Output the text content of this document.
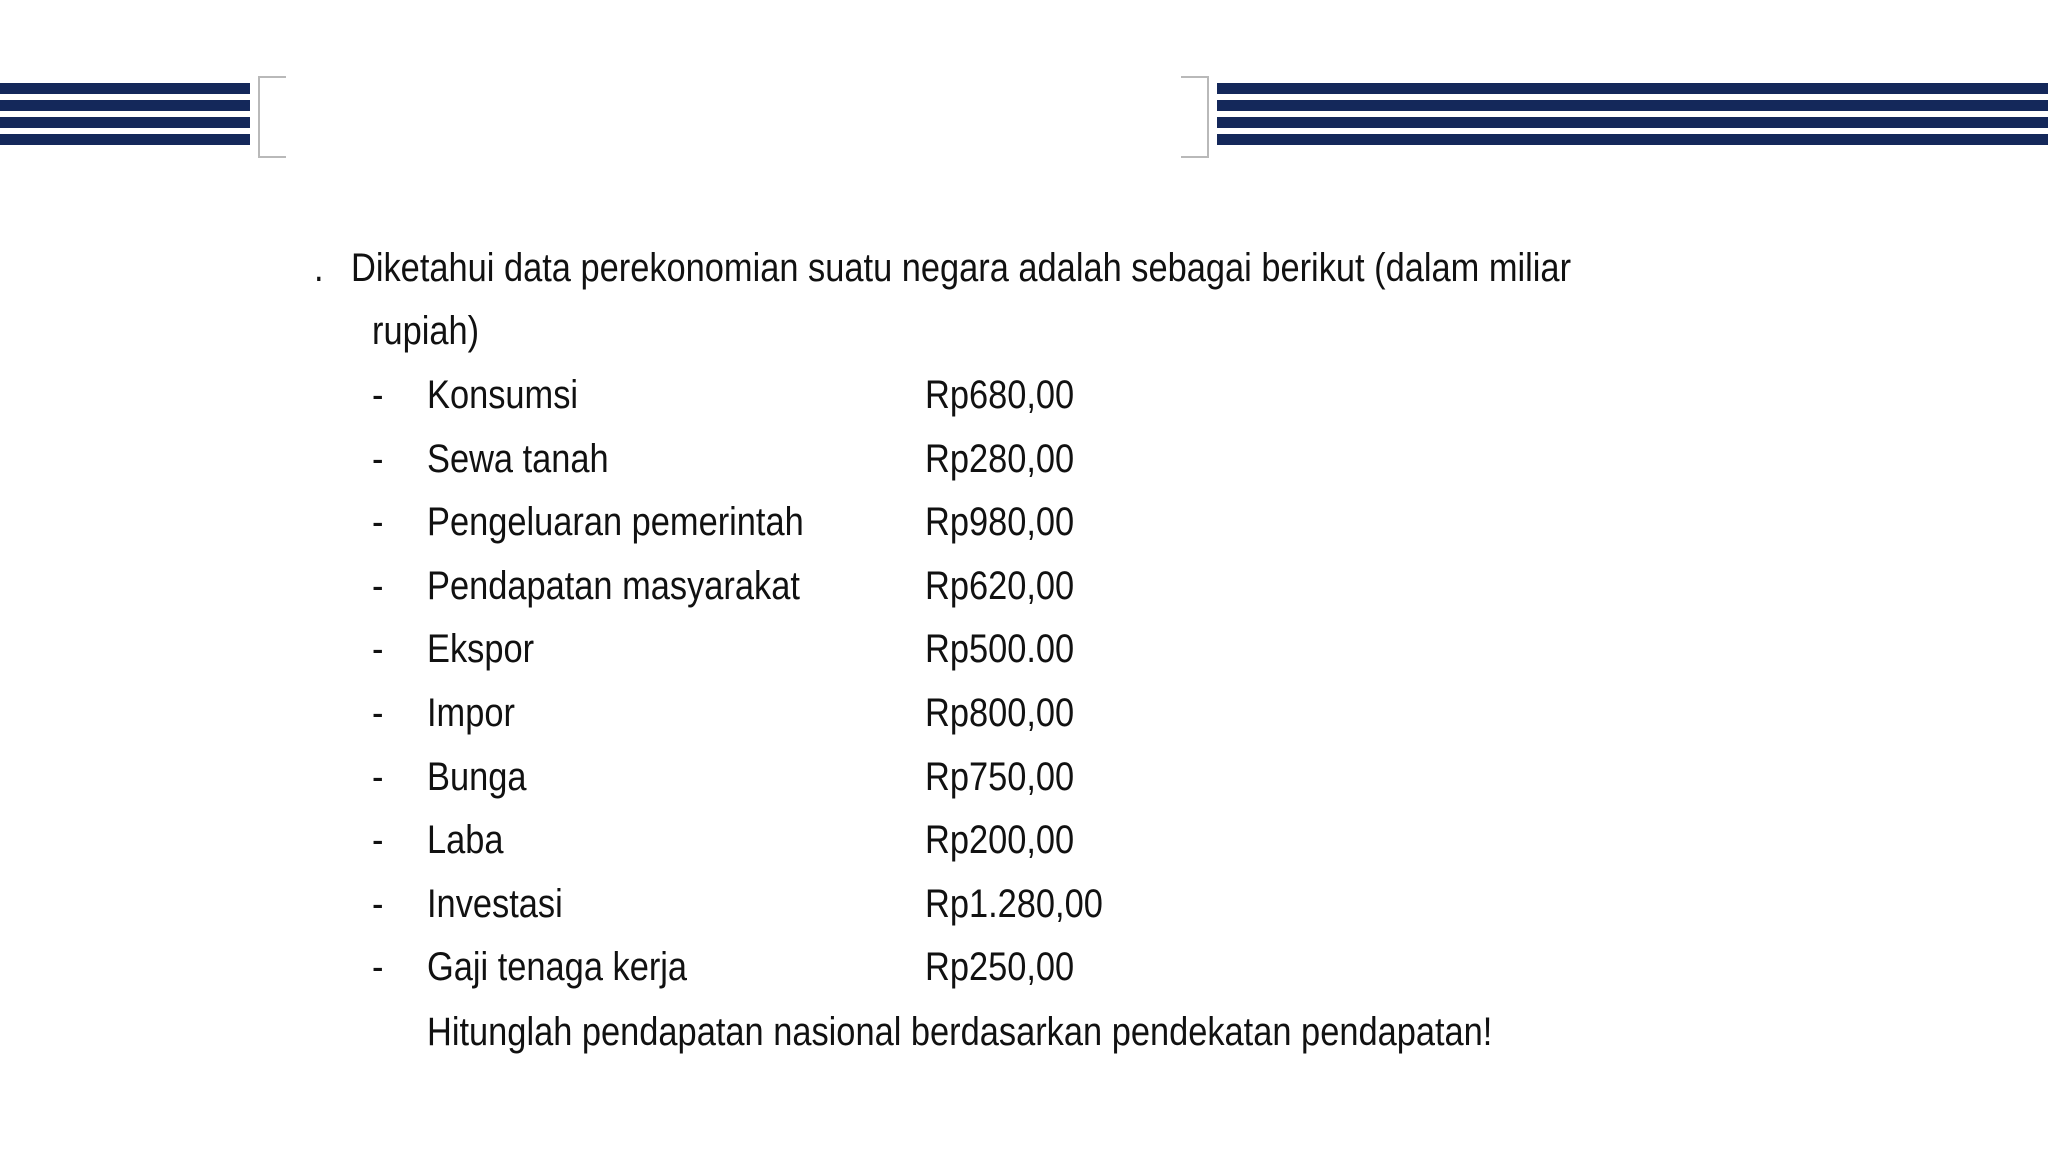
. Diketahui data perekonomian suatu negara adalah sebagai berikut (dalam miliar
rupiah)
- Konsumsi	Rp680,00
- Sewa tanah	Rp280,00
- Pengeluaran pemerintah	Rp980,00
- Pendapatan masyarakat	Rp620,00
- Ekspor	Rp500.00
- Impor	Rp800,00
- Bunga	Rp750,00
- Laba	Rp200,00
- Investasi	Rp1.280,00
- Gaji tenaga kerja	Rp250,00
Hitunglah pendapatan nasional berdasarkan pendekatan pendapatan!
